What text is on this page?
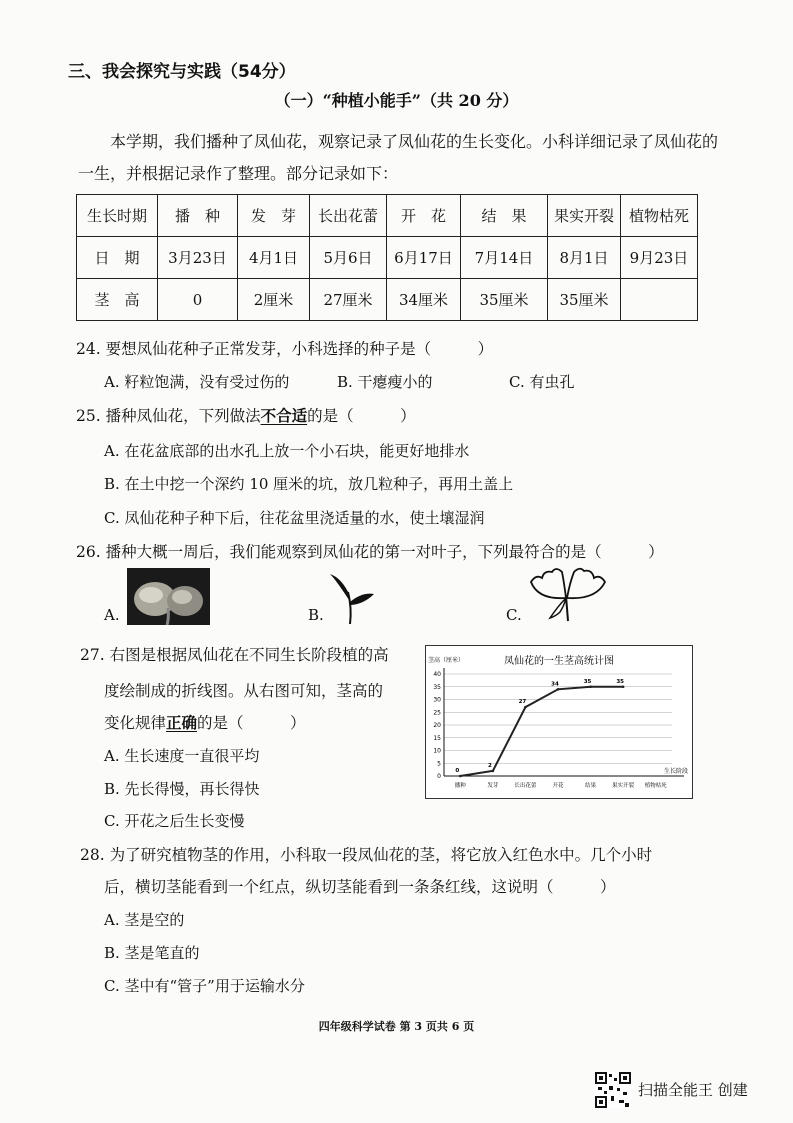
三、我会探究与实践（54分）
（一）“种植小能手”（共 20 分）
本学期，我们播种了凤仙花，观察记录了凤仙花的生长变化。小科详细记录了凤仙花的一生，并根据记录作了整理。部分记录如下：
生长时期	播　种	发　芽	长出花蕾	开　花	结　果	果实开裂	植物枯死
日　期	3月23日	4月1日	5月6日	6月17日	7月14日	8月1日	9月23日
茎　高	0	2厘米	27厘米	34厘米	35厘米	35厘米	
24. 要想凤仙花种子正常发芽，小科选择的种子是（　　　）
A. 籽粒饱满，没有受过伤的	B. 干瘪瘦小的	C. 有虫孔
25. 播种凤仙花，下列做法不合适的是（　　　）
A. 在花盆底部的出水孔上放一个小石块，能更好地排水
B. 在土中挖一个深约 10 厘米的坑，放几粒种子，再用土盖上
C. 凤仙花种子种下后，往花盆里浇适量的水，使土壤湿润
26. 播种大概一周后，我们能观察到凤仙花的第一对叶子，下列最符合的是（　　　）
A.	B.	C.
27. 右图是根据凤仙花在不同生长阶段植的高
度绘制成的折线图。从右图可知，茎高的
变化规律正确的是（　　　）
A. 生长速度一直很平均
B. 先长得慢，再长得快
C. 开花之后生长变慢
凤仙花的一生茎高统计图
茎高（厘米）
0
5
10
15
20
25
30
35
40
生长阶段
播种	发芽	长出花蕾	开花	结果	果实开裂 植物枯死
0
2
27
34	35	35
28. 为了研究植物茎的作用，小科取一段凤仙花的茎，将它放入红色水中。几个小时
后，横切茎能看到一个红点，纵切茎能看到一条条红线，这说明（　　　）
A. 茎是空的
B. 茎是笔直的
C. 茎中有“管子”用于运输水分
四年级科学试卷 第 3 页共 6 页
扫描全能王 创建
